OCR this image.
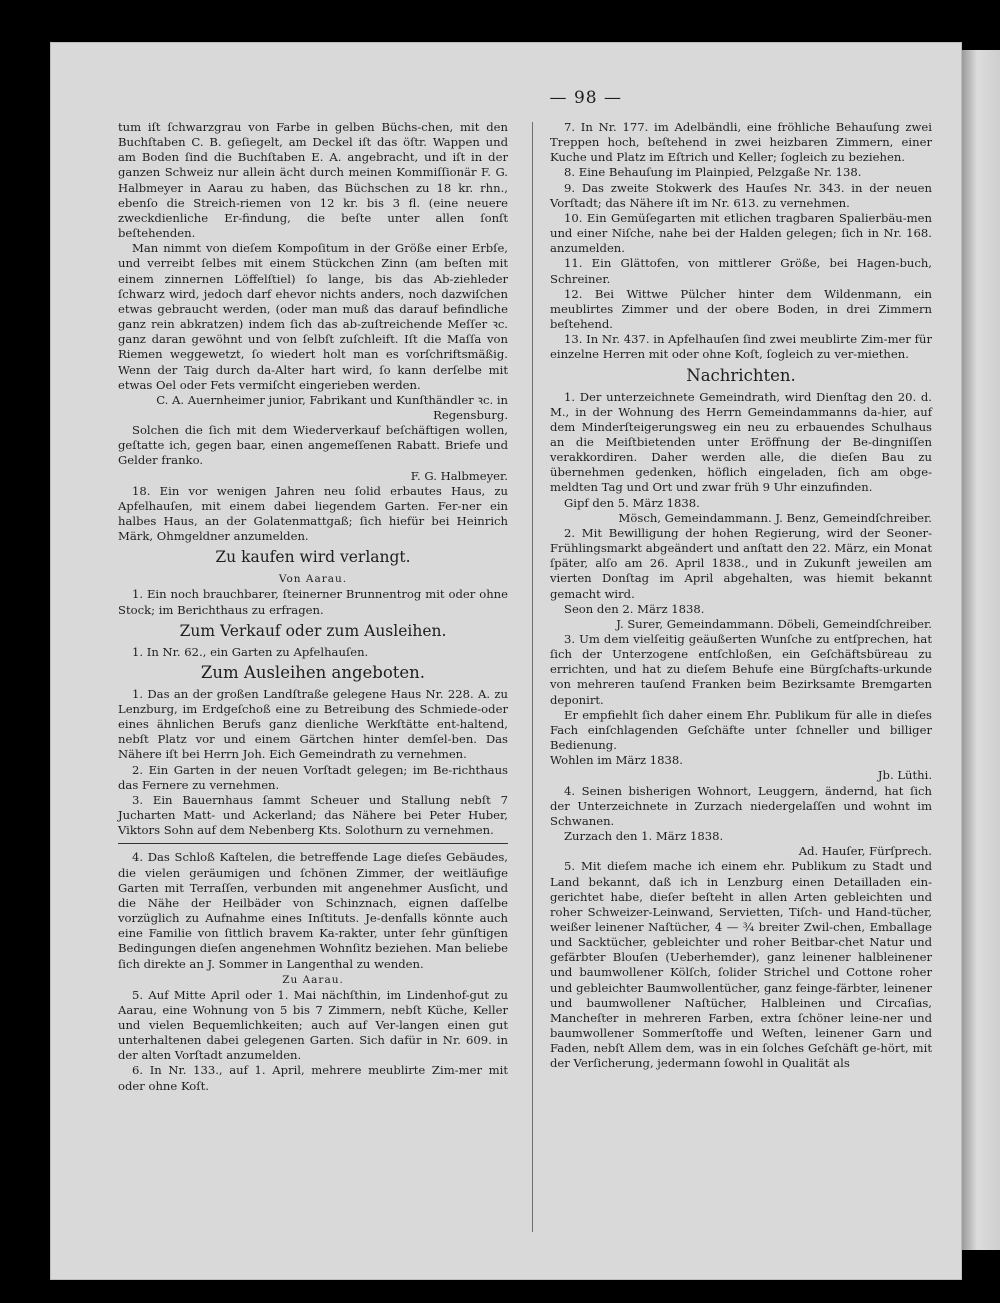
— 98 —
tum iſt ſchwarzgrau von Farbe in gelben Büchs-chen, mit den Buchſtaben C. B. geſiegelt, am Deckel iſt das öſtr. Wappen und am Boden ſind die Buchſtaben E. A. angebracht, und iſt in der ganzen Schweiz nur allein ächt durch meinen Kommiſſionär F. G. Halbmeyer in Aarau zu haben, das Büchschen zu 18 kr. rhn., ebenſo die Streich-riemen von 12 kr. bis 3 fl. (eine neuere zweckdienliche Er-findung, die beſte unter allen ſonſt beſtehenden.
Man nimmt von dieſem Kompoſitum in der Größe einer Erbſe, und verreibt ſelbes mit einem Stückchen Zinn (am beſten mit einem zinnernen Löffelſtiel) ſo lange, bis das Ab-ziehleder ſchwarz wird, jedoch darf ehevor nichts anders, noch dazwiſchen etwas gebraucht werden, (oder man muß das darauf befindliche ganz rein abkratzen) indem ſich das ab-zuſtreichende Meſſer ꝛc. ganz daran gewöhnt und von ſelbſt zuſchleift. Iſt die Maſſa von Riemen weggewetzt, ſo wiedert holt man es vorſchriftsmäßig. Wenn der Taig durch da-Alter hart wird, ſo kann derſelbe mit etwas Oel oder Fets vermiſcht eingerieben werden.
C. A. Auernheimer junior, Fabrikant und Kunſthändler ꝛc. in Regensburg.
Solchen die ſich mit dem Wiederverkauf beſchäftigen wollen, geſtatte ich, gegen baar, einen angemeſſenen Rabatt. Briefe und Gelder franko.
F. G. Halbmeyer.
18. Ein vor wenigen Jahren neu ſolid erbautes Haus, zu Apfelhauſen, mit einem dabei liegendem Garten. Fer-ner ein halbes Haus, an der Golatenmattgaß; ſich hiefür bei Heinrich Märk, Ohmgeldner anzumelden.
Zu kaufen wird verlangt.
Von Aarau.
1. Ein noch brauchbarer, ſteinerner Brunnentrog mit oder ohne Stock; im Berichthaus zu erfragen.
Zum Verkauf oder zum Ausleihen.
1. In Nr. 62., ein Garten zu Apfelhauſen.
Zum Ausleihen angeboten.
1. Das an der großen Landſtraße gelegene Haus Nr. 228. A. zu Lenzburg, im Erdgeſchoß eine zu Betreibung des Schmiede-oder eines ähnlichen Berufs ganz dienliche Werkſtätte ent-haltend, nebſt Platz vor und einem Gärtchen hinter demſel-ben. Das Nähere iſt bei Herrn Joh. Eich Gemeindrath zu vernehmen.
2. Ein Garten in der neuen Vorſtadt gelegen; im Be-richthaus das Fernere zu vernehmen.
3. Ein Bauernhaus ſammt Scheuer und Stallung nebſt 7 Jucharten Matt- und Ackerland; das Nähere bei Peter Huber, Viktors Sohn auf dem Nebenberg Kts. Solothurn zu vernehmen.
4. Das Schloß Kaſtelen, die betreffende Lage dieſes Gebäudes, die vielen geräumigen und ſchönen Zimmer, der weitläufige Garten mit Terraſſen, verbunden mit angenehmer Ausſicht, und die Nähe der Heilbäder von Schinznach, eignen daſſelbe vorzüglich zu Aufnahme eines Inſtituts. Je-denfalls könnte auch eine Familie von ſittlich bravem Ka-rakter, unter ſehr günſtigen Bedingungen dieſen angenehmen Wohnſitz beziehen. Man beliebe ſich direkte an J. Sommer in Langenthal zu wenden.
Zu Aarau.
5. Auf Mitte April oder 1. Mai nächſthin, im Lindenhof-gut zu Aarau, eine Wohnung von 5 bis 7 Zimmern, nebſt Küche, Keller und vielen Bequemlichkeiten; auch auf Ver-langen einen gut unterhaltenen dabei gelegenen Garten. Sich dafür in Nr. 609. in der alten Vorſtadt anzumelden.
6. In Nr. 133., auf 1. April, mehrere meublirte Zim-mer mit oder ohne Koſt.
7. In Nr. 177. im Adelbändli, eine fröhliche Behauſung zwei Treppen hoch, beſtehend in zwei heizbaren Zimmern, einer Kuche und Platz im Eſtrich und Keller; ſogleich zu beziehen.
8. Eine Behauſung im Plainpied, Pelzgaße Nr. 138.
9. Das zweite Stokwerk des Hauſes Nr. 343. in der neuen Vorſtadt; das Nähere iſt im Nr. 613. zu vernehmen.
10. Ein Gemüſegarten mit etlichen tragbaren Spalierbäu-men und einer Niſche, nahe bei der Halden gelegen; ſich in Nr. 168. anzumelden.
11. Ein Glättofen, von mittlerer Größe, bei Hagen-buch, Schreiner.
12. Bei Wittwe Pülcher hinter dem Wildenmann, ein meublirtes Zimmer und der obere Boden, in drei Zimmern beſtehend.
13. In Nr. 437. in Apfelhauſen ſind zwei meublirte Zim-mer für einzelne Herren mit oder ohne Koſt, ſogleich zu ver-miethen.
Nachrichten.
1. Der unterzeichnete Gemeindrath, wird Dienſtag den 20. d. M., in der Wohnung des Herrn Gemeindammanns da-hier, auf dem Minderſteigerungsweg ein neu zu erbauendes Schulhaus an die Meiſtbietenden unter Eröffnung der Be-dingniſſen verakkordiren. Daher werden alle, die dieſen Bau zu übernehmen gedenken, höflich eingeladen, ſich am obge-meldten Tag und Ort und zwar früh 9 Uhr einzufinden.
Gipf den 5. März 1838.
Mösch, Gemeindammann. J. Benz, Gemeindſchreiber.
2. Mit Bewilligung der hohen Regierung, wird der Seoner-Frühlingsmarkt abgeändert und anſtatt den 22. März, ein Monat ſpäter, alſo am 26. April 1838., und in Zukunft jeweilen am vierten Donſtag im April abgehalten, was hiemit bekannt gemacht wird.
Seon den 2. März 1838.
J. Surer, Gemeindammann. Döbeli, Gemeindſchreiber.
3. Um dem vielſeitig geäußerten Wunſche zu entſprechen, hat ſich der Unterzogene entſchloßen, ein Geſchäftsbüreau zu errichten, und hat zu dieſem Behufe eine Bürgſchafts-urkunde von mehreren tauſend Franken beim Bezirksamte Bremgarten deponirt.
Er empfiehlt ſich daher einem Ehr. Publikum für alle in dieſes Fach einſchlagenden Geſchäfte unter ſchneller und billiger Bedienung.
Wohlen im März 1838.
Jb. Lüthi.
4. Seinen bisherigen Wohnort, Leuggern, ändernd, hat ſich der Unterzeichnete in Zurzach niedergelaſſen und wohnt im Schwanen.
Zurzach den 1. März 1838.
Ad. Hauſer, Fürſprech.
5. Mit dieſem mache ich einem ehr. Publikum zu Stadt und Land bekannt, daß ich in Lenzburg einen Detailladen ein-gerichtet habe, dieſer beſteht in allen Arten gebleichten und roher Schweizer-Leinwand, Servietten, Tiſch- und Hand-tücher, weißer leinener Naſtücher, 4 — ¾ breiter Zwil-chen, Emballage und Sacktücher, gebleichter und roher Beitbar-chet Natur und gefärbter Blouſen (Ueberhemder), ganz leinener halbleinener und baumwollener Kölſch, ſolider Strichel und Cottone roher und gebleichter Baumwollentücher, ganz feinge-färbter, leinener und baumwollener Naſtücher, Halbleinen und Circaſias, Mancheſter in mehreren Farben, extra ſchöner leine-ner und baumwollener Sommerſtoffe und Weſten, leinener Garn und Faden, nebſt Allem dem, was in ein ſolches Geſchäft ge-hört, mit der Verſicherung, jedermann ſowohl in Qualität als
